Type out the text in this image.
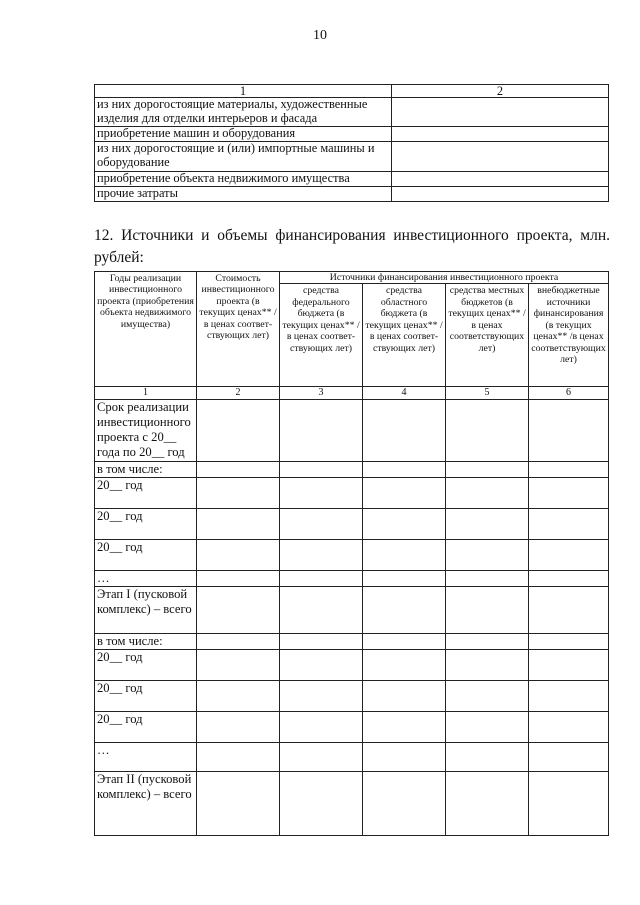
10
1	2
из них дорогостоящие материалы, художественные изделия для отделки интерьеров и фасада	
приобретение машин и оборудования	
из них дорогостоящие и (или) импортные машины и оборудование	
приобретение объекта недвижимого имущества	
прочие затраты	
12. Источники и объемы финансирования инвестиционного проекта, млн. рублей:
Годы реализации инвестиционного проекта (приобретения объекта недвижимого имущества)	Стоимость инвестиционного проекта (в текущих ценах** /в ценах соответствующих лет)	Источники финансирования инвестиционного проекта			
		средства федерального бюджета (в текущих ценах** /в ценах соответствующих лет)	средства областного бюджета (в текущих ценах** /в ценах соответствующих лет)	средства местных бюджетов (в текущих ценах** /в ценах соответствующих лет)	внебюджетные источники финансирования (в текущих ценах** /в ценах соответствующих лет)
1	2	3	4	5	6
Срок реализации инвестиционного проекта с 20__ года по 20__ год					
в том числе:					
20__ год					
20__ год					
20__ год					
…					
Этап I (пусковой комплекс) – всего					
в том числе:					
20__ год					
20__ год					
20__ год					
…					
Этап II (пусковой комплекс) – всего					
